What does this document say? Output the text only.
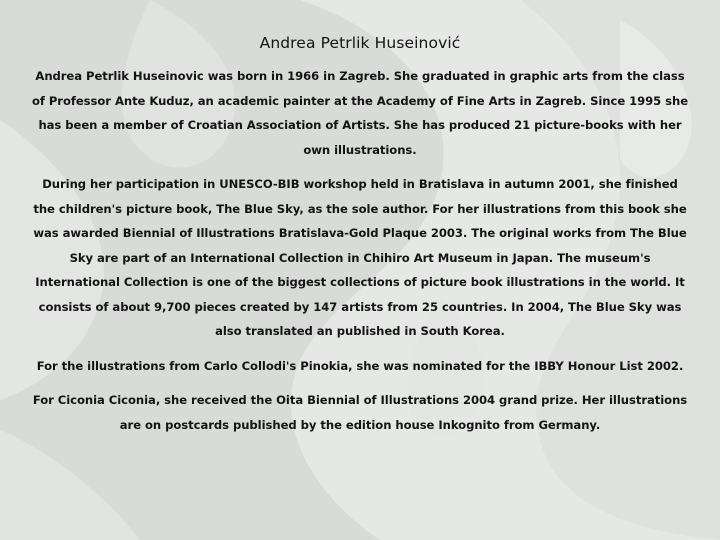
Andrea Petrlik Huseinović

Andrea Petrlik Huseinovic was born in 1966 in Zagreb. She graduated in graphic arts from the class of Professor Ante Kuduz, an academic painter at the Academy of Fine Arts in Zagreb. Since 1995 she has been a member of Croatian Association of Artists. She has produced 21 picture-books with her own illustrations.

During her participation in UNESCO-BIB workshop held in Bratislava in autumn 2001, she finished the children's picture book, The Blue Sky, as the sole author. For her illustrations from this book she was awarded Biennial of Illustrations Bratislava-Gold Plaque 2003. The original works from The Blue Sky are part of an International Collection in Chihiro Art Museum in Japan. The museum's International Collection is one of the biggest collections of picture book illustrations in the world. It consists of about 9,700 pieces created by 147 artists from 25 countries. In 2004, The Blue Sky was also translated an published in South Korea.

For the illustrations from Carlo Collodi's Pinokia, she was nominated for the IBBY Honour List 2002.

For Ciconia Ciconia, she received the Oita Biennial of Illustrations 2004 grand prize. Her illustrations are on postcards published by the edition house Inkognito from Germany.
